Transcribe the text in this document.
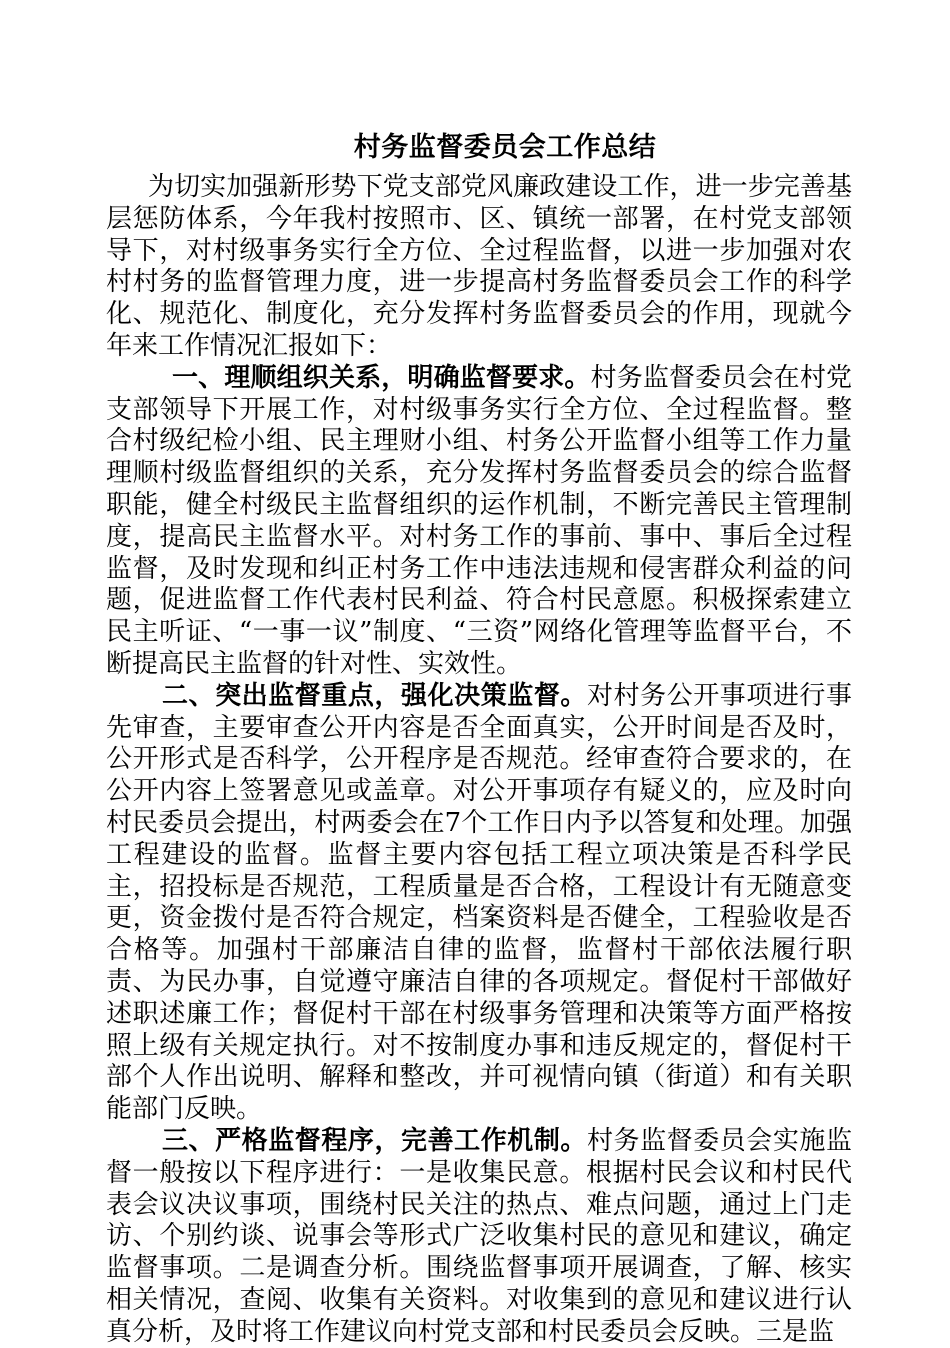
村务监督委员会工作总结

为切实加强新形势下党支部党风廉政建设工作，进一步完善基层惩防体系，今年我村按照市、区、镇统一部署，在村党支部领导下，对村级事务实行全方位、全过程监督，以进一步加强对农村村务的监督管理力度，进一步提高村务监督委员会工作的科学化、规范化、制度化，充分发挥村务监督委员会的作用，现就今年来工作情况汇报如下：

一、理顺组织关系，明确监督要求。村务监督委员会在村党支部领导下开展工作，对村级事务实行全方位、全过程监督。整合村级纪检小组、民主理财小组、村务公开监督小组等工作力量理顺村级监督组织的关系，充分发挥村务监督委员会的综合监督职能，健全村级民主监督组织的运作机制，不断完善民主管理制度，提高民主监督水平。对村务工作的事前、事中、事后全过程监督，及时发现和纠正村务工作中违法违规和侵害群众利益的问题，促进监督工作代表村民利益、符合村民意愿。积极探索建立民主听证、“一事一议”制度、“三资”网络化管理等监督平台，不断提高民主监督的针对性、实效性。

二、突出监督重点，强化决策监督。对村务公开事项进行事先审查，主要审查公开内容是否全面真实，公开时间是否及时，公开形式是否科学，公开程序是否规范。经审查符合要求的，在公开内容上签署意见或盖章。对公开事项存有疑义的，应及时向村民委员会提出，村两委会在7个工作日内予以答复和处理。加强工程建设的监督。监督主要内容包括工程立项决策是否科学民主，招投标是否规范，工程质量是否合格，工程设计有无随意变更，资金拨付是否符合规定，档案资料是否健全，工程验收是否合格等。加强村干部廉洁自律的监督，监督村干部依法履行职责、为民办事，自觉遵守廉洁自律的各项规定。督促村干部做好述职述廉工作；督促村干部在村级事务管理和决策等方面严格按照上级有关规定执行。对不按制度办事和违反规定的，督促村干部个人作出说明、解释和整改，并可视情向镇（街道）和有关职能部门反映。

三、严格监督程序，完善工作机制。村务监督委员会实施监督一般按以下程序进行：一是收集民意。根据村民会议和村民代表会议决议事项，围绕村民关注的热点、难点问题，通过上门走访、个别约谈、说事会等形式广泛收集村民的意见和建议，确定监督事项。二是调查分析。围绕监督事项开展调查，了解、核实相关情况，查阅、收集有关资料。对收集到的意见和建议进行认真分析，及时将工作建议向村党支部和村民委员会反映。三是监
